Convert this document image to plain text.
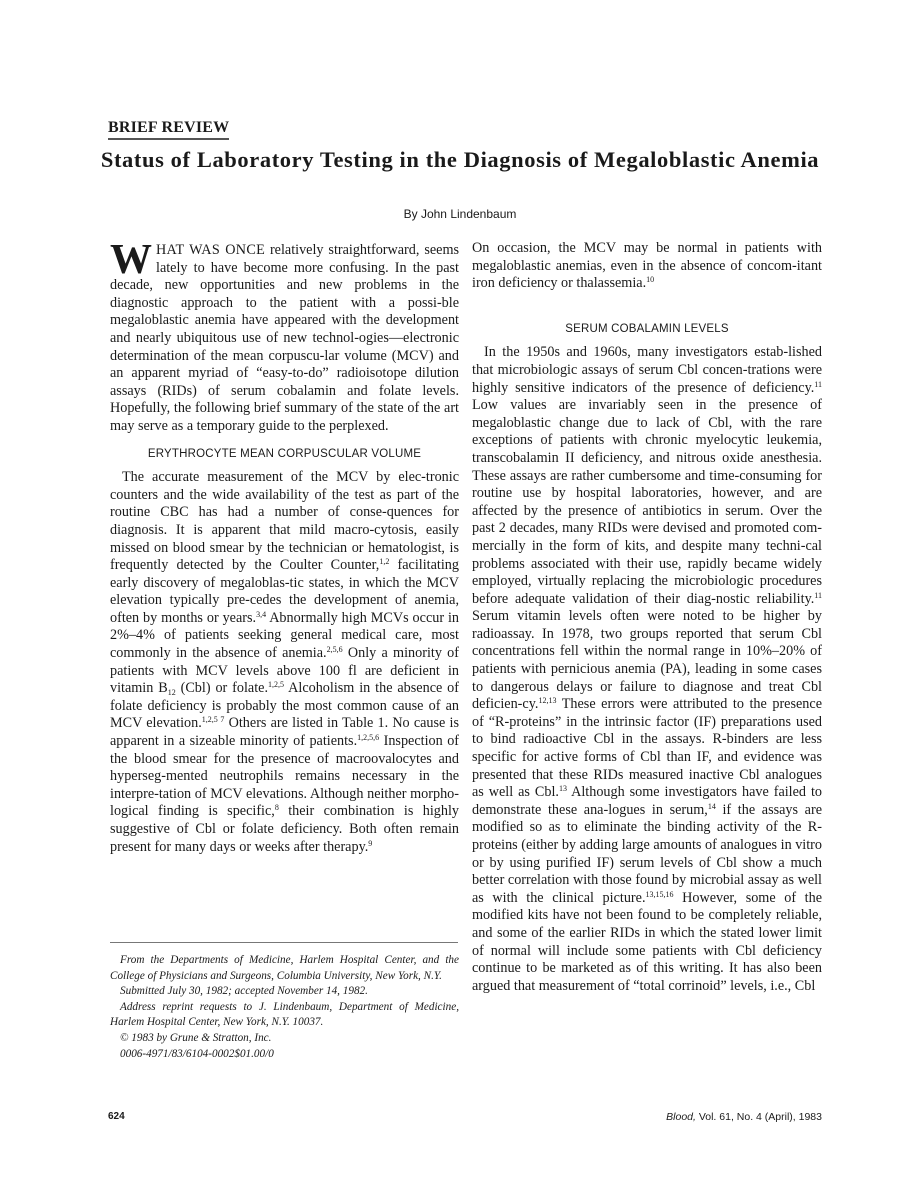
BRIEF REVIEW
Status of Laboratory Testing in the Diagnosis of Megaloblastic Anemia
By John Lindenbaum

WHAT WAS ONCE relatively straightforward, seems lately to have become more confusing. In the past decade, new opportunities and new problems in the diagnostic approach to the patient with a possi-ble megaloblastic anemia have appeared with the development and nearly ubiquitous use of new technol-ogies—electronic determination of the mean corpuscu-lar volume (MCV) and an apparent myriad of “easy-to-do” radioisotope dilution assays (RIDs) of serum cobalamin and folate levels. Hopefully, the following brief summary of the state of the art may serve as a temporary guide to the perplexed.

ERYTHROCYTE MEAN CORPUSCULAR VOLUME

The accurate measurement of the MCV by elec-tronic counters and the wide availability of the test as part of the routine CBC has had a number of conse-quences for diagnosis. It is apparent that mild macro-cytosis, easily missed on blood smear by the technician or hematologist, is frequently detected by the Coulter Counter,$^{1,2}$ facilitating early discovery of megaloblas-tic states, in which the MCV elevation typically pre-cedes the development of anemia, often by months or years.$^{3,4}$ Abnormally high MCVs occur in 2%–4% of patients seeking general medical care, most commonly in the absence of anemia.$^{2,5,6}$ Only a minority of patients with MCV levels above 100 fl are deficient in vitamin $B_{12}$ (Cbl) or folate.$^{1,2,5}$ Alcoholism in the absence of folate deficiency is probably the most common cause of an MCV elevation.$^{1,2,5 7}$ Others are listed in Table 1. No cause is apparent in a sizeable minority of patients.$^{1,2,5,6}$ Inspection of the blood smear for the presence of macroovalocytes and hyperseg-mented neutrophils remains necessary in the interpre-tation of MCV elevations. Although neither morpho-logical finding is specific,$^8$ their combination is highly suggestive of Cbl or folate deficiency. Both often remain present for many days or weeks after therapy.$^9$

From the Departments of Medicine, Harlem Hospital Center, and the College of Physicians and Surgeons, Columbia University, New York, N.Y.

Submitted July 30, 1982; accepted November 14, 1982.

Address reprint requests to J. Lindenbaum, Department of Medicine, Harlem Hospital Center, New York, N.Y. 10037.

© 1983 by Grune & Stratton, Inc.

0006-4971/83/6104-0002$01.00/0

On occasion, the MCV may be normal in patients with megaloblastic anemias, even in the absence of concom-itant iron deficiency or thalassemia.$^{10}$

SERUM COBALAMIN LEVELS

In the 1950s and 1960s, many investigators estab-lished that microbiologic assays of serum Cbl concen-trations were highly sensitive indicators of the presence of deficiency.$^{11}$ Low values are invariably seen in the presence of megaloblastic change due to lack of Cbl, with the rare exceptions of patients with chronic myelocytic leukemia, transcobalamin II deficiency, and nitrous oxide anesthesia. These assays are rather cumbersome and time-consuming for routine use by hospital laboratories, however, and are affected by the presence of antibiotics in serum. Over the past 2 decades, many RIDs were devised and promoted com-mercially in the form of kits, and despite many techni-cal problems associated with their use, rapidly became widely employed, virtually replacing the microbiologic procedures before adequate validation of their diag-nostic reliability.$^{11}$ Serum vitamin levels often were noted to be higher by radioassay. In 1978, two groups reported that serum Cbl concentrations fell within the normal range in 10%–20% of patients with pernicious anemia (PA), leading in some cases to dangerous delays or failure to diagnose and treat Cbl deficien-cy.$^{12,13}$ These errors were attributed to the presence of “R-proteins” in the intrinsic factor (IF) preparations used to bind radioactive Cbl in the assays. R-binders are less specific for active forms of Cbl than IF, and evidence was presented that these RIDs measured inactive Cbl analogues as well as Cbl.$^{13}$ Although some investigators have failed to demonstrate these ana-logues in serum,$^{14}$ if the assays are modified so as to eliminate the binding activity of the R-proteins (either by adding large amounts of analogues in vitro or by using purified IF) serum levels of Cbl show a much better correlation with those found by microbial assay as well as with the clinical picture.$^{13,15,16}$ However, some of the modified kits have not been found to be completely reliable, and some of the earlier RIDs in which the stated lower limit of normal will include some patients with Cbl deficiency continue to be marketed as of this writing. It has also been argued that measurement of “total corrinoid” levels, i.e., Cbl

624	Blood, Vol. 61, No. 4 (April), 1983
